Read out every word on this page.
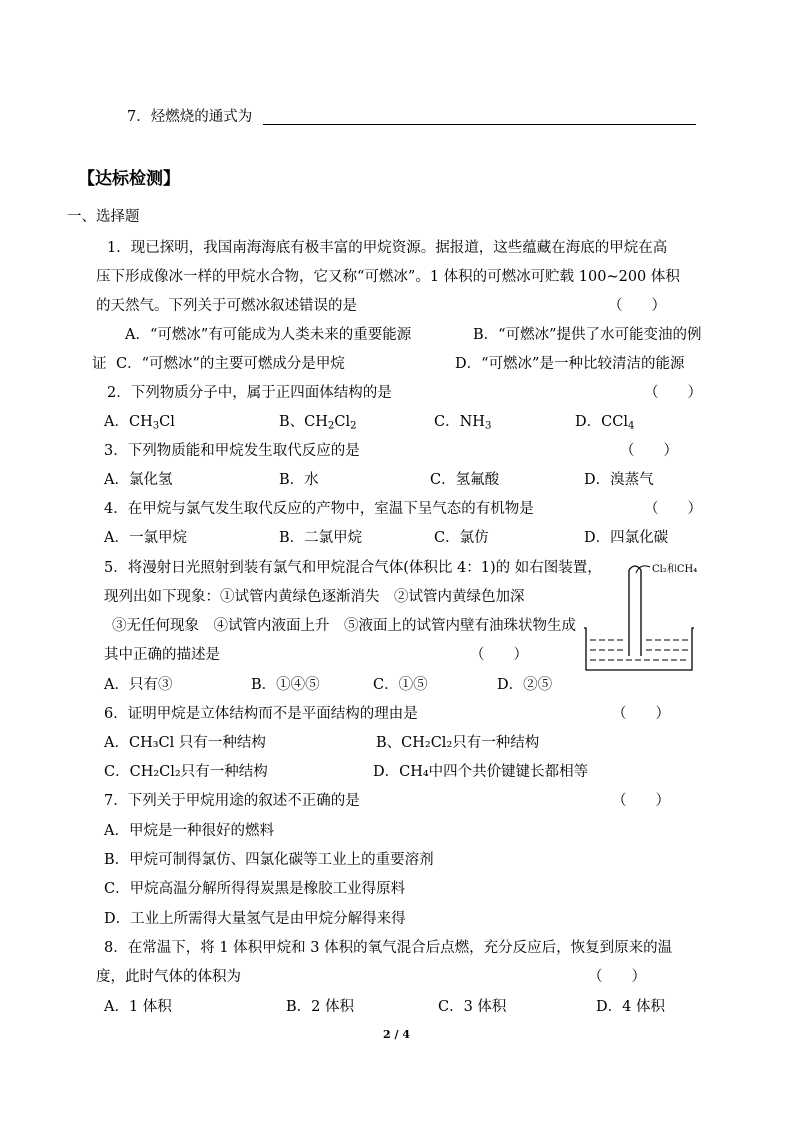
7．烃燃烧的通式为
【达标检测】
一、选择题
1．现已探明，我国南海海底有极丰富的甲烷资源。据报道，这些蕴藏在海底的甲烷在高
压下形成像冰一样的甲烷水合物，它又称“可燃冰”。1 体积的可燃冰可贮载 100~200 体积
的天然气。下列关于可燃冰叙述错误的是	（　　）
A．“可燃冰”有可能成为人类未来的重要能源	B．“可燃冰”提供了水可能变油的例
证 C．“可燃冰”的主要可燃成分是甲烷	D．“可燃冰”是一种比较清洁的能源
2．下列物质分子中，属于正四面体结构的是	（　　）
A．$CH_3Cl$	B、$CH_2Cl_2$	C．$NH_3$	D．CCl$_4$
3．下列物质能和甲烷发生取代反应的是	（　　）
A．氯化氢	B．水	C．氢氟酸	D．溴蒸气
4．在甲烷与氯气发生取代反应的产物中，室温下呈气态的有机物是	（　　）
A．一氯甲烷	B．二氯甲烷	C．氯仿	D．四氯化碳
5．将漫射日光照射到装有氯气和甲烷混合气体(体积比 4：1)的 如右图装置，
现列出如下现象：①试管内黄绿色逐渐消失　②试管内黄绿色加深
③无任何现象　④试管内液面上升　⑤液面上的试管内壁有油珠状物生成
其中正确的描述是	（　　）
A．只有③	B．①④⑤	C．①⑤	D．②⑤
Cl₂和CH₄
6．证明甲烷是立体结构而不是平面结构的理由是	（　　）
A．CH₃Cl 只有一种结构	B、CH₂Cl₂只有一种结构
C．CH₂Cl₂只有一种结构	D．CH₄中四个共价键键长都相等
7．下列关于甲烷用途的叙述不正确的是	（　　）
A．甲烷是一种很好的燃料
B．甲烷可制得氯仿、四氯化碳等工业上的重要溶剂
C．甲烷高温分解所得得炭黑是橡胶工业得原料
D．工业上所需得大量氢气是由甲烷分解得来得
8．在常温下，将 1 体积甲烷和 3 体积的氧气混合后点燃，充分反应后，恢复到原来的温
度，此时气体的体积为	（　　）
A．1 体积	B．2 体积	C．3 体积	D．4 体积
2 / 4
